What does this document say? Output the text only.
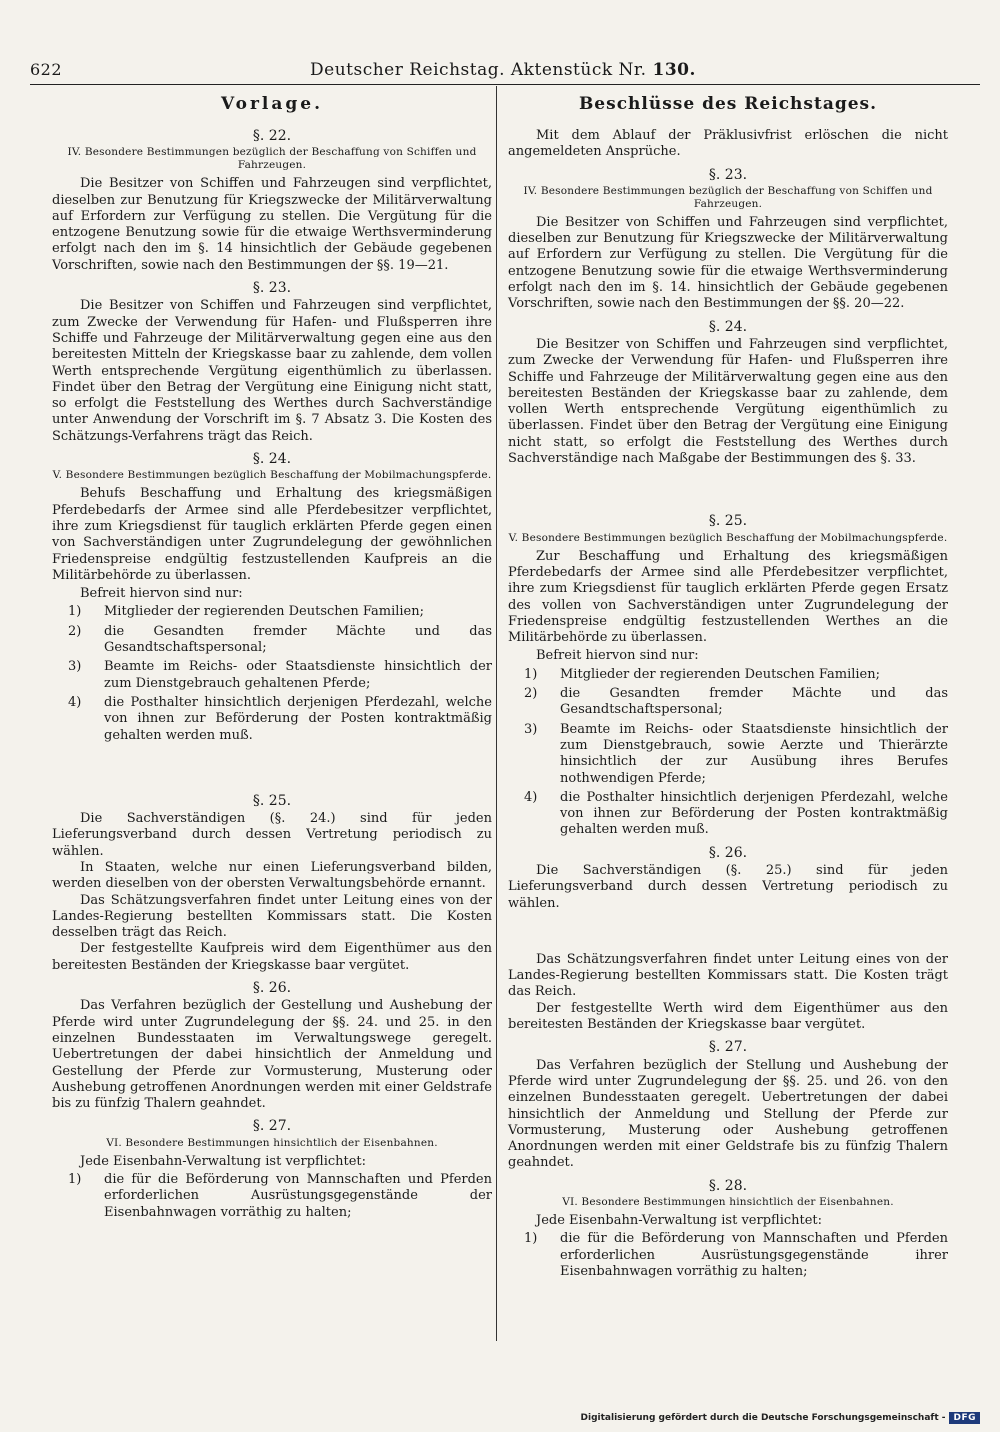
622	Deutscher Reichstag. Aktenstück Nr. 130.
Vorlage.
§. 22.
IV. Besondere Bestimmungen bezüglich der Beschaffung von Schiffen und Fahrzeugen.
Die Besitzer von Schiffen und Fahrzeugen sind verpflichtet, dieselben zur Benutzung für Kriegszwecke der Militärverwaltung auf Erfordern zur Verfügung zu stellen. Die Vergütung für die entzogene Benutzung sowie für die etwaige Werthsverminderung erfolgt nach den im §. 14 hinsichtlich der Gebäude gegebenen Vorschriften, sowie nach den Bestimmungen der §§. 19—21.
§. 23.
Die Besitzer von Schiffen und Fahrzeugen sind verpflichtet, zum Zwecke der Verwendung für Hafen- und Flußsperren ihre Schiffe und Fahrzeuge der Militärverwaltung gegen eine aus den bereitesten Mitteln der Kriegskasse baar zu zahlende, dem vollen Werth entsprechende Vergütung eigenthümlich zu überlassen. Findet über den Betrag der Vergütung eine Einigung nicht statt, so erfolgt die Feststellung des Werthes durch Sachverständige unter Anwendung der Vorschrift im §. 7 Absatz 3. Die Kosten des Schätzungs-Verfahrens trägt das Reich.
§. 24.
V. Besondere Bestimmungen bezüglich Beschaffung der Mobilmachungspferde.
Behufs Beschaffung und Erhaltung des kriegsmäßigen Pferdebedarfs der Armee sind alle Pferdebesitzer verpflichtet, ihre zum Kriegsdienst für tauglich erklärten Pferde gegen einen von Sachverständigen unter Zugrundelegung der gewöhnlichen Friedenspreise endgültig festzustellenden Kaufpreis an die Militärbehörde zu überlassen.
Befreit hiervon sind nur:
1) Mitglieder der regierenden Deutschen Familien;
2) die Gesandten fremder Mächte und das Gesandtschaftspersonal;
3) Beamte im Reichs- oder Staatsdienste hinsichtlich der zum Dienstgebrauch gehaltenen Pferde;
4) die Posthalter hinsichtlich derjenigen Pferdezahl, welche von ihnen zur Beförderung der Posten kontraktmäßig gehalten werden muß.
§. 25.
Die Sachverständigen (§. 24.) sind für jeden Lieferungsverband durch dessen Vertretung periodisch zu wählen.
In Staaten, welche nur einen Lieferungsverband bilden, werden dieselben von der obersten Verwaltungsbehörde ernannt.
Das Schätzungsverfahren findet unter Leitung eines von der Landes-Regierung bestellten Kommissars statt. Die Kosten desselben trägt das Reich.
Der festgestellte Kaufpreis wird dem Eigenthümer aus den bereitesten Beständen der Kriegskasse baar vergütet.
§. 26.
Das Verfahren bezüglich der Gestellung und Aushebung der Pferde wird unter Zugrundelegung der §§. 24. und 25. in den einzelnen Bundesstaaten im Verwaltungswege geregelt. Uebertretungen der dabei hinsichtlich der Anmeldung und Gestellung der Pferde zur Vormusterung, Musterung oder Aushebung getroffenen Anordnungen werden mit einer Geldstrafe bis zu fünfzig Thalern geahndet.
§. 27.
VI. Besondere Bestimmungen hinsichtlich der Eisenbahnen.
Jede Eisenbahn-Verwaltung ist verpflichtet:
1) die für die Beförderung von Mannschaften und Pferden erforderlichen Ausrüstungsgegenstände der Eisenbahnwagen vorräthig zu halten;
Beschlüsse des Reichstages.
Mit dem Ablauf der Präklusivfrist erlöschen die nicht angemeldeten Ansprüche.
§. 23.
IV. Besondere Bestimmungen bezüglich der Beschaffung von Schiffen und Fahrzeugen.
Die Besitzer von Schiffen und Fahrzeugen sind verpflichtet, dieselben zur Benutzung für Kriegszwecke der Militärverwaltung auf Erfordern zur Verfügung zu stellen. Die Vergütung für die entzogene Benutzung sowie für die etwaige Werthsverminderung erfolgt nach den im §. 14. hinsichtlich der Gebäude gegebenen Vorschriften, sowie nach den Bestimmungen der §§. 20—22.
§. 24.
Die Besitzer von Schiffen und Fahrzeugen sind verpflichtet, zum Zwecke der Verwendung für Hafen- und Flußsperren ihre Schiffe und Fahrzeuge der Militärverwaltung gegen eine aus den bereitesten Beständen der Kriegskasse baar zu zahlende, dem vollen Werth entsprechende Vergütung eigenthümlich zu überlassen. Findet über den Betrag der Vergütung eine Einigung nicht statt, so erfolgt die Feststellung des Werthes durch Sachverständige nach Maßgabe der Bestimmungen des §. 33.
§. 25.
V. Besondere Bestimmungen bezüglich Beschaffung der Mobilmachungspferde.
Zur Beschaffung und Erhaltung des kriegsmäßigen Pferdebedarfs der Armee sind alle Pferdebesitzer verpflichtet, ihre zum Kriegsdienst für tauglich erklärten Pferde gegen Ersatz des vollen von Sachverständigen unter Zugrundelegung der Friedenspreise endgültig festzustellenden Werthes an die Militärbehörde zu überlassen.
Befreit hiervon sind nur:
1) Mitglieder der regierenden Deutschen Familien;
2) die Gesandten fremder Mächte und das Gesandtschaftspersonal;
3) Beamte im Reichs- oder Staatsdienste hinsichtlich der zum Dienstgebrauch, sowie Aerzte und Thierärzte hinsichtlich der zur Ausübung ihres Berufes nothwendigen Pferde;
4) die Posthalter hinsichtlich derjenigen Pferdezahl, welche von ihnen zur Beförderung der Posten kontraktmäßig gehalten werden muß.
§. 26.
Die Sachverständigen (§. 25.) sind für jeden Lieferungsverband durch dessen Vertretung periodisch zu wählen.
Das Schätzungsverfahren findet unter Leitung eines von der Landes-Regierung bestellten Kommissars statt. Die Kosten trägt das Reich.
Der festgestellte Werth wird dem Eigenthümer aus den bereitesten Beständen der Kriegskasse baar vergütet.
§. 27.
Das Verfahren bezüglich der Stellung und Aushebung der Pferde wird unter Zugrundelegung der §§. 25. und 26. von den einzelnen Bundesstaaten geregelt. Uebertretungen der dabei hinsichtlich der Anmeldung und Stellung der Pferde zur Vormusterung, Musterung oder Aushebung getroffenen Anordnungen werden mit einer Geldstrafe bis zu fünfzig Thalern geahndet.
§. 28.
VI. Besondere Bestimmungen hinsichtlich der Eisenbahnen.
Jede Eisenbahn-Verwaltung ist verpflichtet:
1) die für die Beförderung von Mannschaften und Pferden erforderlichen Ausrüstungsgegenstände ihrer Eisenbahnwagen vorräthig zu halten;
Digitalisierung gefördert durch die Deutsche Forschungsgemeinschaft - DFG
